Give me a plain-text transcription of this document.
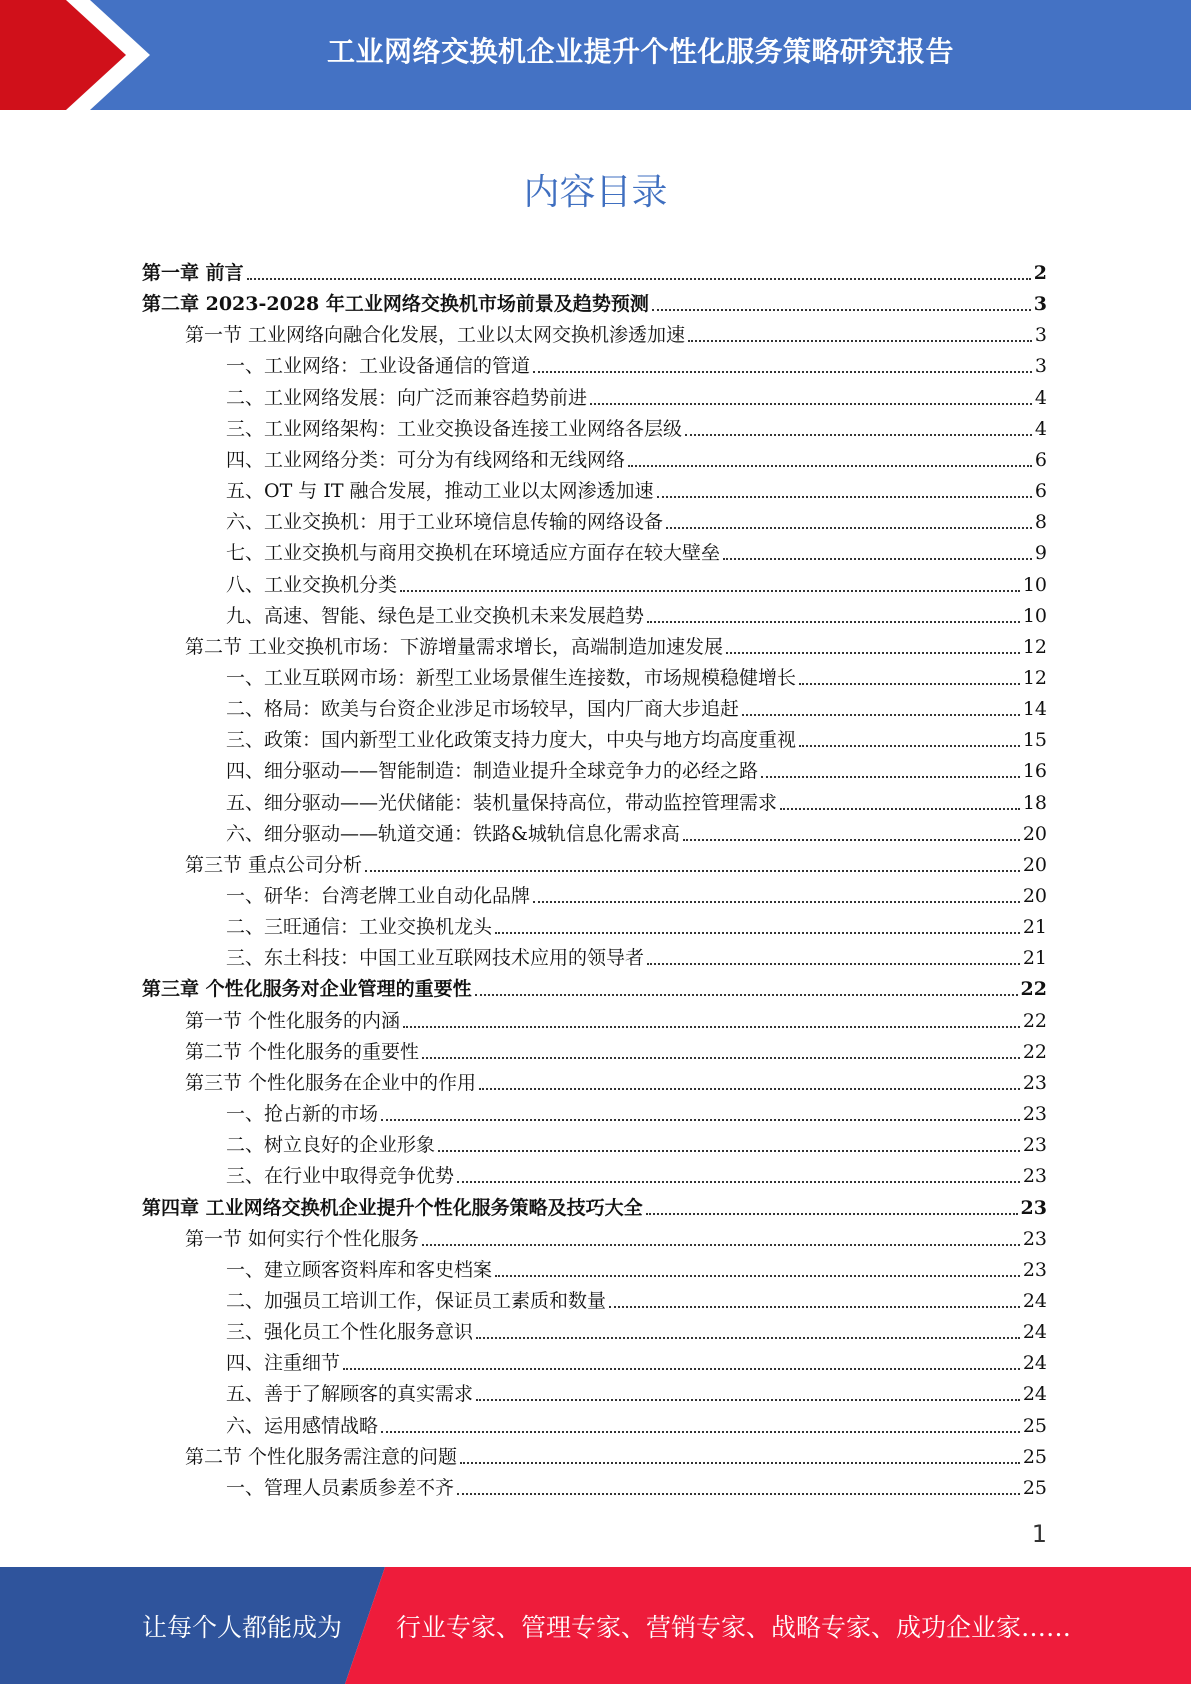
工业网络交换机企业提升个性化服务策略研究报告
内容目录
第一章 前言	2
第二章 2023-2028 年工业网络交换机市场前景及趋势预测	3
第一节 工业网络向融合化发展，工业以太网交换机渗透加速	3
一、工业网络：工业设备通信的管道	3
二、工业网络发展：向广泛而兼容趋势前进	4
三、工业网络架构：工业交换设备连接工业网络各层级	4
四、工业网络分类：可分为有线网络和无线网络	6
五、OT 与 IT 融合发展，推动工业以太网渗透加速	6
六、工业交换机：用于工业环境信息传输的网络设备	8
七、工业交换机与商用交换机在环境适应方面存在较大壁垒	9
八、工业交换机分类	10
九、高速、智能、绿色是工业交换机未来发展趋势	10
第二节 工业交换机市场：下游增量需求增长，高端制造加速发展	12
一、工业互联网市场：新型工业场景催生连接数，市场规模稳健增长	12
二、格局：欧美与台资企业涉足市场较早，国内厂商大步追赶	14
三、政策：国内新型工业化政策支持力度大，中央与地方均高度重视	15
四、细分驱动——智能制造：制造业提升全球竞争力的必经之路	16
五、细分驱动——光伏储能：装机量保持高位，带动监控管理需求	18
六、细分驱动——轨道交通：铁路&城轨信息化需求高	20
第三节 重点公司分析	20
一、研华：台湾老牌工业自动化品牌	20
二、三旺通信：工业交换机龙头	21
三、东土科技：中国工业互联网技术应用的领导者	21
第三章 个性化服务对企业管理的重要性	22
第一节 个性化服务的内涵	22
第二节 个性化服务的重要性	22
第三节 个性化服务在企业中的作用	23
一、抢占新的市场	23
二、树立良好的企业形象	23
三、在行业中取得竞争优势	23
第四章 工业网络交换机企业提升个性化服务策略及技巧大全	23
第一节 如何实行个性化服务	23
一、建立顾客资料库和客史档案	23
二、加强员工培训工作，保证员工素质和数量	24
三、强化员工个性化服务意识	24
四、注重细节	24
五、善于了解顾客的真实需求	24
六、运用感情战略	25
第二节 个性化服务需注意的问题	25
一、管理人员素质参差不齐	25
1
让每个人都能成为 行业专家、管理专家、营销专家、战略专家、成功企业家……
